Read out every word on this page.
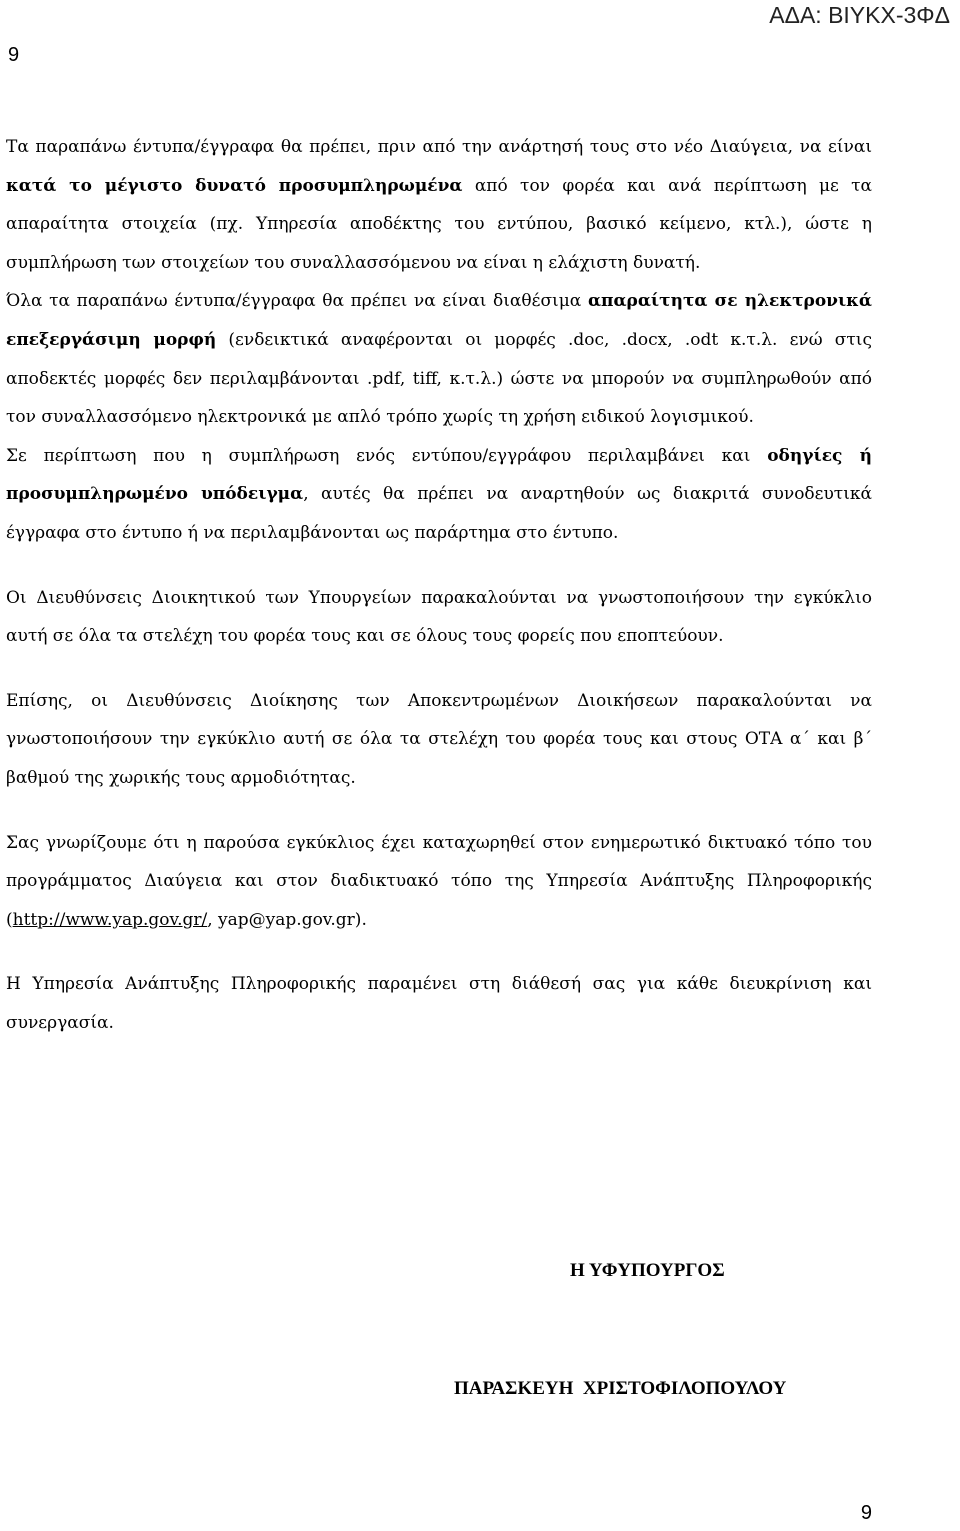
9
ΑΔΑ: ΒΙΥΚΧ-3ΦΔ

Τα παραπάνω έντυπα/έγγραφα θα πρέπει, πριν από την ανάρτησή τους στο νέο Διαύγεια, να είναι κατά το μέγιστο δυνατό προσυμπληρωμένα από τον φορέα και ανά περίπτωση με τα απαραίτητα στοιχεία (πχ. Υπηρεσία αποδέκτης του εντύπου, βασικό κείμενο, κτλ.), ώστε η συμπλήρωση των στοιχείων του συναλλασσόμενου να είναι η ελάχιστη δυνατή.

Όλα τα παραπάνω έντυπα/έγγραφα θα πρέπει να είναι διαθέσιμα απαραίτητα σε ηλεκτρονικά επεξεργάσιμη μορφή (ενδεικτικά αναφέρονται οι μορφές .doc, .docx, .odt κ.τ.λ. ενώ στις αποδεκτές μορφές δεν περιλαμβάνονται .pdf, tiff, κ.τ.λ.) ώστε να μπορούν να συμπληρωθούν από τον συναλλασσόμενο ηλεκτρονικά με απλό τρόπο χωρίς τη χρήση ειδικού λογισμικού.

Σε περίπτωση που η συμπλήρωση ενός εντύπου/εγγράφου περιλαμβάνει και οδηγίες ή προσυμπληρωμένο υπόδειγμα, αυτές θα πρέπει να αναρτηθούν ως διακριτά συνοδευτικά έγγραφα στο έντυπο ή να περιλαμβάνονται ως παράρτημα στο έντυπο.

Οι Διευθύνσεις Διοικητικού των Υπουργείων παρακαλούνται να γνωστοποιήσουν την εγκύκλιο αυτή σε όλα τα στελέχη του φορέα τους και σε όλους τους φορείς που εποπτεύουν.

Επίσης, οι Διευθύνσεις Διοίκησης των Αποκεντρωμένων Διοικήσεων παρακαλούνται να γνωστοποιήσουν την εγκύκλιο αυτή σε όλα τα στελέχη του φορέα τους και στους ΟΤΑ α΄ και β΄ βαθμού της χωρικής τους αρμοδιότητας.

Σας γνωρίζουμε ότι η παρούσα εγκύκλιος έχει καταχωρηθεί στον ενημερωτικό δικτυακό τόπο του προγράμματος Διαύγεια και στον διαδικτυακό τόπο της Υπηρεσία Ανάπτυξης Πληροφορικής (http://www.yap.gov.gr/, yap@yap.gov.gr).

Η Υπηρεσία Ανάπτυξης Πληροφορικής παραμένει στη διάθεσή σας για κάθε διευκρίνιση και συνεργασία.

Η ΥΦΥΠΟΥΡΓΟΣ
ΠΑΡΑΣΚΕΥΗ  ΧΡΙΣΤΟΦΙΛΟΠΟΥΛΟΥ
9
